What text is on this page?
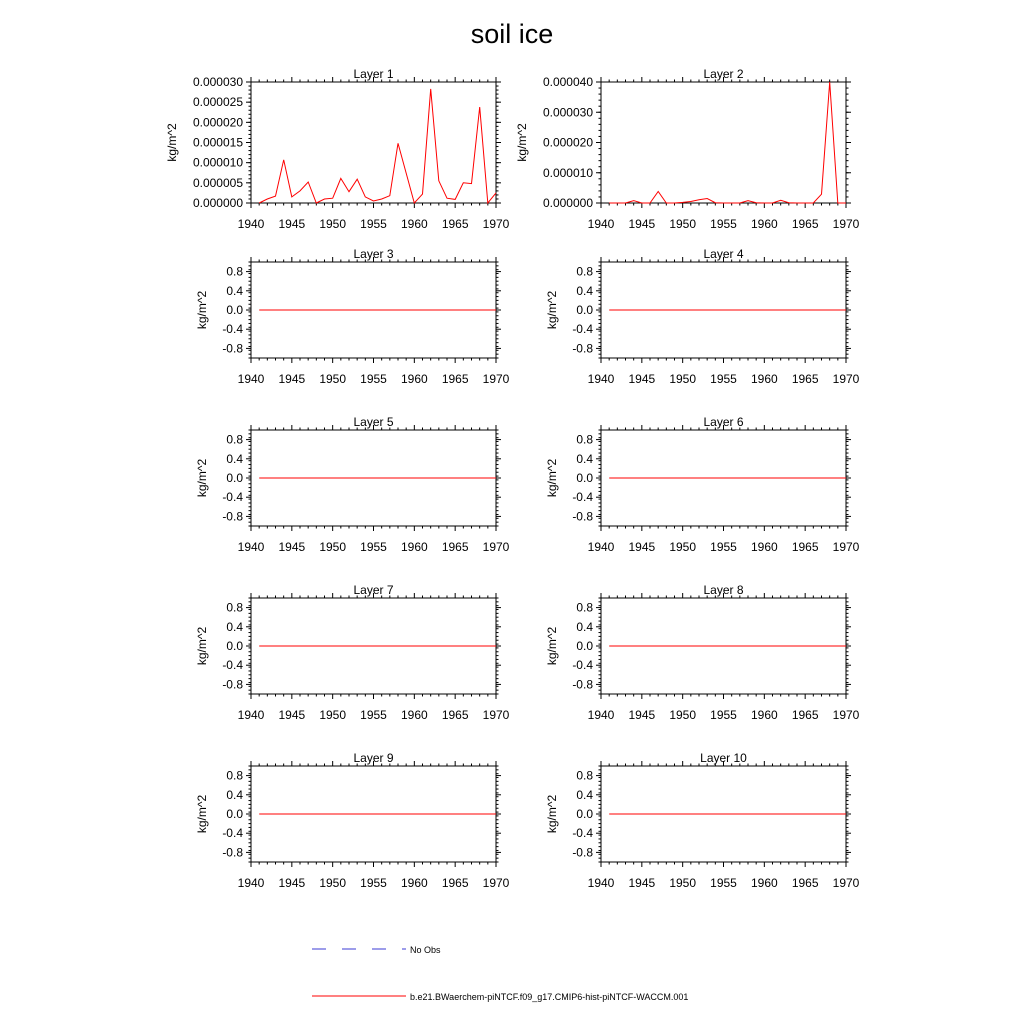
soil ice
Layer 1
kg/m^2
1940 1945 1950 1955 1960 1965 1970
0.000000
0.000005
0.000010
0.000015
0.000020
0.000025
0.000030
Layer 2
kg/m^2
1940 1945 1950 1955 1960 1965 1970
0.000000
0.000010
0.000020
0.000030
0.000040
Layer 3
kg/m^2
1940 1945 1950 1955 1960 1965 1970
-0.8
-0.4
0.0
0.4
0.8
Layer 4
kg/m^2
1940 1945 1950 1955 1960 1965 1970
-0.8
-0.4
0.0
0.4
0.8
Layer 5
kg/m^2
1940 1945 1950 1955 1960 1965 1970
-0.8
-0.4
0.0
0.4
0.8
Layer 6
kg/m^2
1940 1945 1950 1955 1960 1965 1970
-0.8
-0.4
0.0
0.4
0.8
Layer 7
kg/m^2
1940 1945 1950 1955 1960 1965 1970
-0.8
-0.4
0.0
0.4
0.8
Layer 8
kg/m^2
1940 1945 1950 1955 1960 1965 1970
-0.8
-0.4
0.0
0.4
0.8
Layer 9
kg/m^2
1940 1945 1950 1955 1960 1965 1970
-0.8
-0.4
0.0
0.4
0.8
Layer 10
kg/m^2
1940 1945 1950 1955 1960 1965 1970
-0.8
-0.4
0.0
0.4
0.8
No Obs
b.e21.BWaerchem-piNTCF.f09_g17.CMIP6-hist-piNTCF-WACCM.001
